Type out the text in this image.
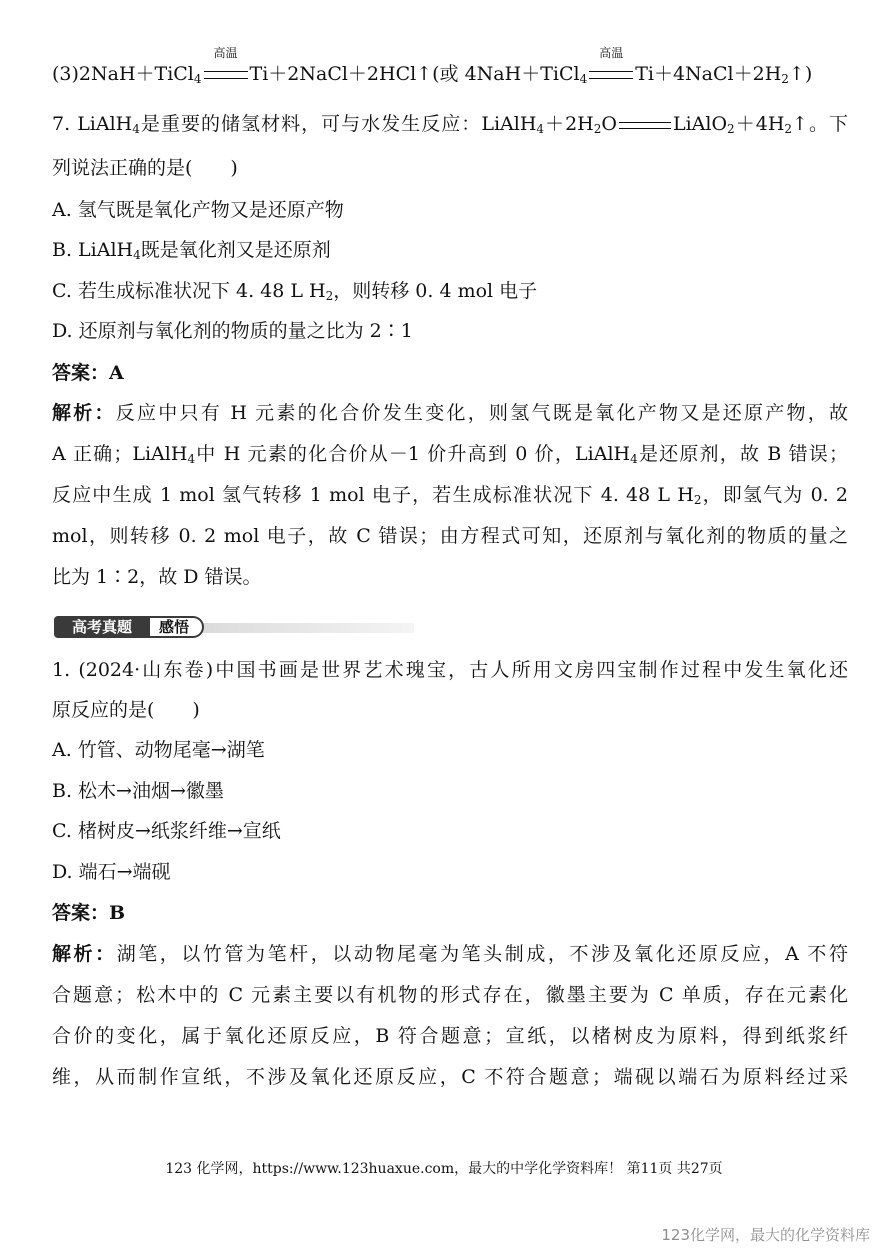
(3)2NaH＋TiCl$_4$
高温
Ti＋2NaCl＋2HCl↑(或 4NaH＋TiCl$_4$
高温
$Ti+4NaCl+2H_2↑$)
7. LiAlH$_4$是重要的储氢材料，可与水发生反应：$LiAlH_4+2H_2O$	$LiAlO_2+4H_2↑$。下
列说法正确的是(　　)
A. 氢气既是氧化产物又是还原产物
B. LiAlH$_4$既是氧化剂又是还原剂
C. 若生成标准状况下 4. 48 L $H_2$，则转移 0. 4 mol 电子
D. 还原剂与氧化剂的物质的量之比为 2∶1
答案：A
解析：反应中只有 H 元素的化合价发生变化，则氢气既是氧化产物又是还原产物，故
A 正确；LiAlH$_4$中 H 元素的化合价从－1 价升高到 0 价，LiAlH$_4$是还原剂，故 B 错误；
反应中生成 1 mol 氢气转移 1 mol 电子，若生成标准状况下 4. 48 L $H_2$，即氢气为 0. 2
mol，则转移 0. 2 mol 电子，故 C 错误；由方程式可知，还原剂与氧化剂的物质的量之
比为 1∶2，故 D 错误。
感悟
高考真题
1. (2024·山东卷)中国书画是世界艺术瑰宝，古人所用文房四宝制作过程中发生氧化还
原反应的是(　　)
A. 竹管、动物尾毫→湖笔
B. 松木→油烟→徽墨
C. 楮树皮→纸浆纤维→宣纸
D. 端石→端砚
答案：B
解析：湖笔，以竹管为笔杆，以动物尾毫为笔头制成，不涉及氧化还原反应，A 不符
合题意；松木中的 C 元素主要以有机物的形式存在，徽墨主要为 C 单质，存在元素化
合价的变化，属于氧化还原反应，B 符合题意；宣纸，以楮树皮为原料，得到纸浆纤
维，从而制作宣纸，不涉及氧化还原反应，C 不符合题意；端砚以端石为原料经过采
123 化学网，https://www.123huaxue.com，最大的中学化学资料库！ 第11页 共27页
123化学网，最大的化学资料库
